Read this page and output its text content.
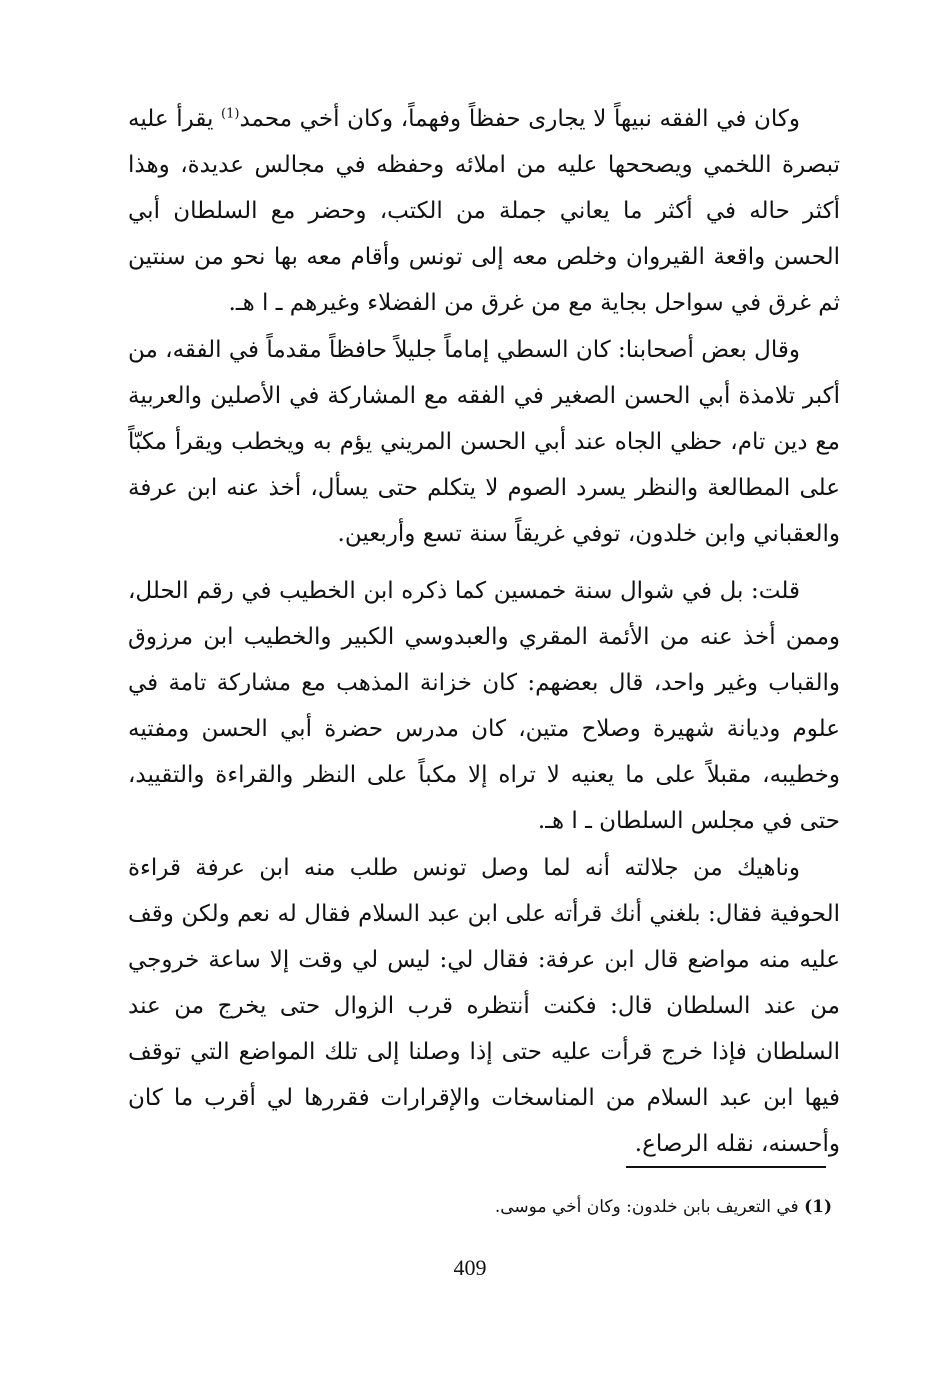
وكان في الفقه نبيهاً لا يجارى حفظاً وفهماً، وكان أخي محمد$^{(1)}$ يقرأ عليه تبصرة اللخمي ويصححها عليه من املائه وحفظه في مجالس عديدة، وهذا أكثر حاله في أكثر ما يعاني جملة من الكتب، وحضر مع السلطان أبي الحسن واقعة القيروان وخلص معه إلى تونس وأقام معه بها نحو من سنتين ثم غرق في سواحل بجاية مع من غرق من الفضلاء وغيرهم ـ ا هـ.

وقال بعض أصحابنا: كان السطي إماماً جليلاً حافظاً مقدماً في الفقه، من أكبر تلامذة أبي الحسن الصغير في الفقه مع المشاركة في الأصلين والعربية مع دين تام، حظي الجاه عند أبي الحسن المريني يؤم به ويخطب ويقرأ مكبّاً على المطالعة والنظر يسرد الصوم لا يتكلم حتى يسأل، أخذ عنه ابن عرفة والعقباني وابن خلدون، توفي غريقاً سنة تسع وأربعين.

قلت: بل في شوال سنة خمسين كما ذكره ابن الخطيب في رقم الحلل، وممن أخذ عنه من الأئمة المقري والعبدوسي الكبير والخطيب ابن مرزوق والقباب وغير واحد، قال بعضهم: كان خزانة المذهب مع مشاركة تامة في علوم وديانة شهيرة وصلاح متين، كان مدرس حضرة أبي الحسن ومفتيه وخطيبه، مقبلاً على ما يعنيه لا تراه إلا مكباً على النظر والقراءة والتقييد، حتى في مجلس السلطان ـ ا هـ.

وناهيك من جلالته أنه لما وصل تونس طلب منه ابن عرفة قراءة الحوفية فقال: بلغني أنك قرأته على ابن عبد السلام فقال له نعم ولكن وقف عليه منه مواضع قال ابن عرفة: فقال لي: ليس لي وقت إلا ساعة خروجي من عند السلطان قال: فكنت أنتظره قرب الزوال حتى يخرج من عند السلطان فإذا خرج قرأت عليه حتى إذا وصلنا إلى تلك المواضع التي توقف فيها ابن عبد السلام من المناسخات والإقرارات فقررها لي أقرب ما كان وأحسنه، نقله الرصاع.

(1) في التعريف بابن خلدون: وكان أخي موسى.
409
